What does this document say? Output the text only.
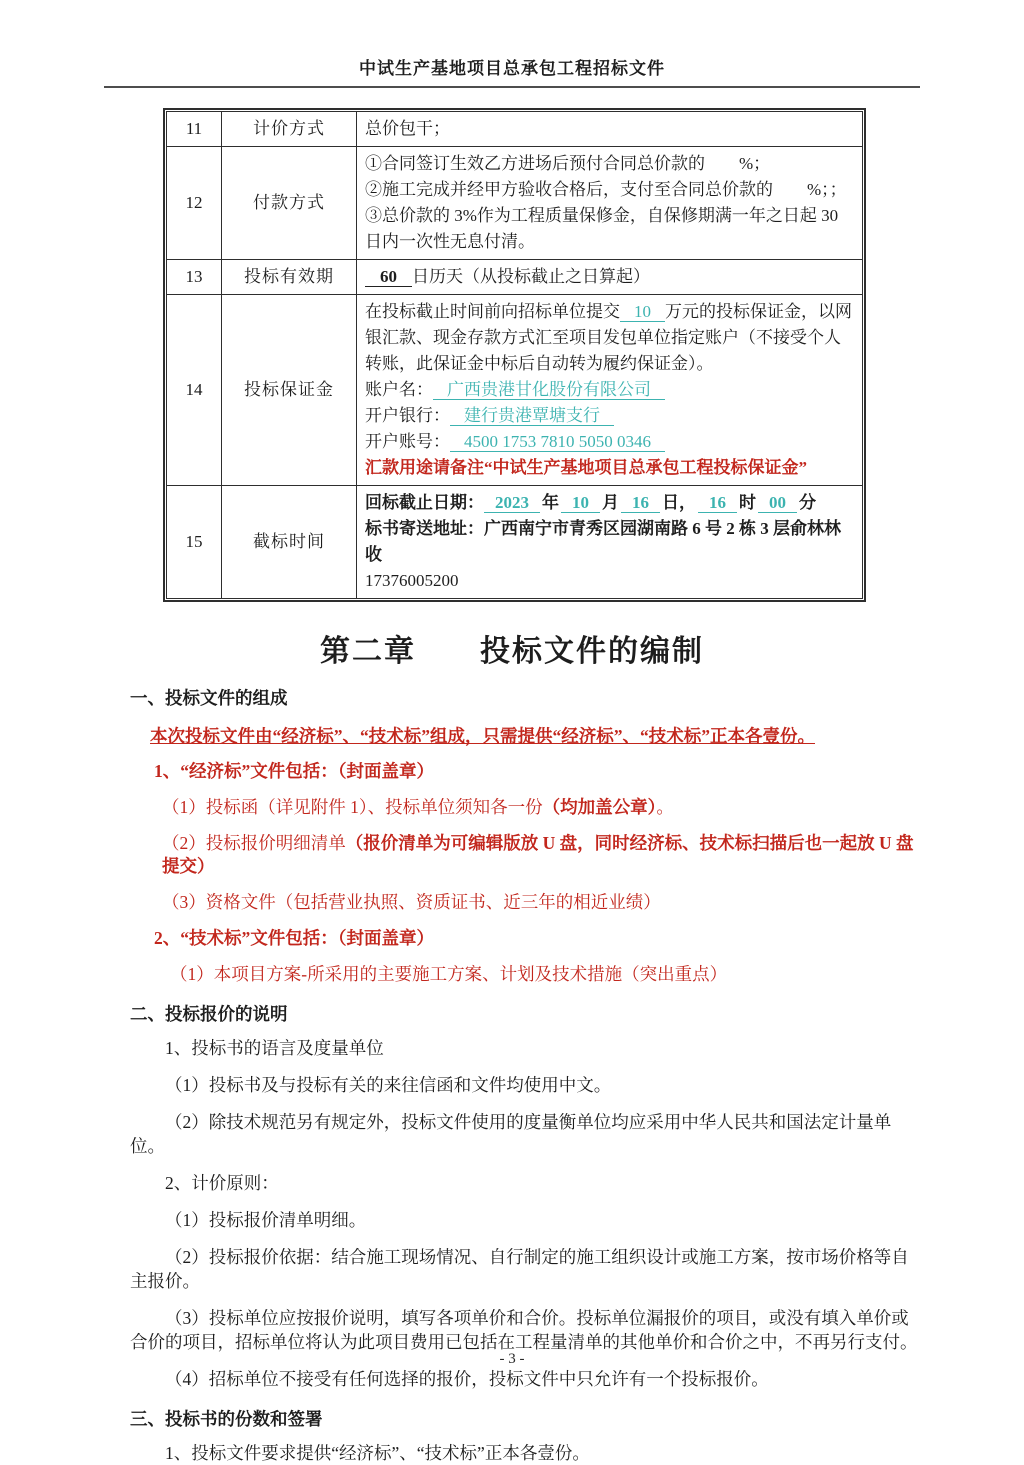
中试生产基地项目总承包工程招标文件
11	计价方式	总价包干；
12	付款方式	①合同签订生效乙方进场后预付合同总价款的　　%；
②施工完成并经甲方验收合格后，支付至合同总价款的　　%；；
③总价款的 3%作为工程质量保修金，自保修期满一年之日起 30 日内一次性无息付清。

13	投标有效期	60 日历天（从投标截止之日算起）
14	投标保证金	在投标截止时间前向招标单位提交 10 万元的投标保证金，以网银汇款、现金存款方式汇至项目发包单位指定账户（不接受个人转账，此保证金中标后自动转为履约保证金）。
账户名： 广西贵港甘化股份有限公司
开户银行： 建行贵港覃塘支行
开户账号： 4500 1753 7810 5050 0346
汇款用途请备注“中试生产基地项目总承包工程投标保证金”

15	截标时间	回标截止日期： 2023 年 10 月 16 日， 16 时 00 分
标书寄送地址：广西南宁市青秀区园湖南路 6 号 2 栋 3 层俞林林收
17376005200
第二章　　投标文件的编制
一、投标文件的组成
本次投标文件由“经济标”、“技术标”组成，只需提供“经济标”、“技术标”正本各壹份。
1、“经济标”文件包括：（封面盖章）
（1）投标函（详见附件 1）、投标单位须知各一份（均加盖公章）。
（2）投标报价明细清单（报价清单为可编辑版放 U 盘，同时经济标、技术标扫描后也一起放 U 盘提交）
（3）资格文件（包括营业执照、资质证书、近三年的相近业绩）
2、“技术标”文件包括：（封面盖章）
（1）本项目方案-所采用的主要施工方案、计划及技术措施（突出重点）
二、投标报价的说明
1、投标书的语言及度量单位
（1）投标书及与投标有关的来往信函和文件均使用中文。
（2）除技术规范另有规定外，投标文件使用的度量衡单位均应采用中华人民共和国法定计量单位。
2、计价原则：
（1）投标报价清单明细。
（2）投标报价依据：结合施工现场情况、自行制定的施工组织设计或施工方案，按市场价格等自主报价。
（3）投标单位应按报价说明，填写各项单价和合价。投标单位漏报价的项目，或没有填入单价或合价的项目，招标单位将认为此项目费用已包括在工程量清单的其他单价和合价之中，不再另行支付。
（4）招标单位不接受有任何选择的报价，投标文件中只允许有一个投标报价。
三、投标书的份数和签署
1、投标文件要求提供“经济标”、“技术标”正本各壹份。
- 3 -
